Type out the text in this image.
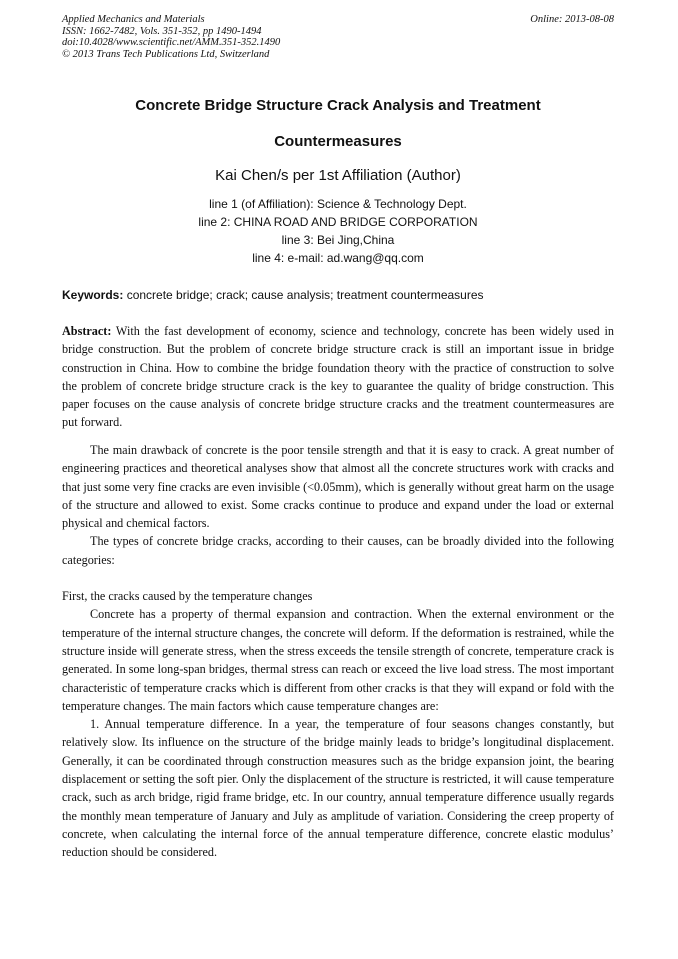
Applied Mechanics and Materials
ISSN: 1662-7482, Vols. 351-352, pp 1490-1494
doi:10.4028/www.scientific.net/AMM.351-352.1490
© 2013 Trans Tech Publications Ltd, Switzerland
Online: 2013-08-08
Concrete Bridge Structure Crack Analysis and Treatment
Countermeasures
Kai Chen/s per 1st Affiliation (Author)
line 1 (of Affiliation): Science & Technology Dept.
line 2: CHINA ROAD AND BRIDGE CORPORATION
line 3: Bei Jing,China
line 4: e-mail: ad.wang@qq.com
Keywords: concrete bridge; crack; cause analysis; treatment countermeasures

Abstract: With the fast development of economy, science and technology, concrete has been widely used in bridge construction. But the problem of concrete bridge structure crack is still an important issue in bridge construction in China. How to combine the bridge foundation theory with the practice of construction to solve the problem of concrete bridge structure crack is the key to guarantee the quality of bridge construction. This paper focuses on the cause analysis of concrete bridge structure cracks and the treatment countermeasures are put forward.

The main drawback of concrete is the poor tensile strength and that it is easy to crack. A great number of engineering practices and theoretical analyses show that almost all the concrete structures work with cracks and that just some very fine cracks are even invisible (<0.05mm), which is generally without great harm on the usage of the structure and allowed to exist. Some cracks continue to produce and expand under the load or external physical and chemical factors.

The types of concrete bridge cracks, according to their causes, can be broadly divided into the following categories:

First, the cracks caused by the temperature changes

Concrete has a property of thermal expansion and contraction. When the external environment or the temperature of the internal structure changes, the concrete will deform. If the deformation is restrained, while the structure inside will generate stress, when the stress exceeds the tensile strength of concrete, temperature crack is generated. In some long-span bridges, thermal stress can reach or exceed the live load stress. The most important characteristic of temperature cracks which is different from other cracks is that they will expand or fold with the temperature changes. The main factors which cause temperature changes are:

1. Annual temperature difference. In a year, the temperature of four seasons changes constantly, but relatively slow. Its influence on the structure of the bridge mainly leads to bridge’s longitudinal displacement. Generally, it can be coordinated through construction measures such as the bridge expansion joint, the bearing displacement or setting the soft pier. Only the displacement of the structure is restricted, it will cause temperature crack, such as arch bridge, rigid frame bridge, etc. In our country, annual temperature difference usually regards the monthly mean temperature of January and July as amplitude of variation. Considering the creep property of concrete, when calculating the internal force of the annual temperature difference, concrete elastic modulus’ reduction should be considered.
